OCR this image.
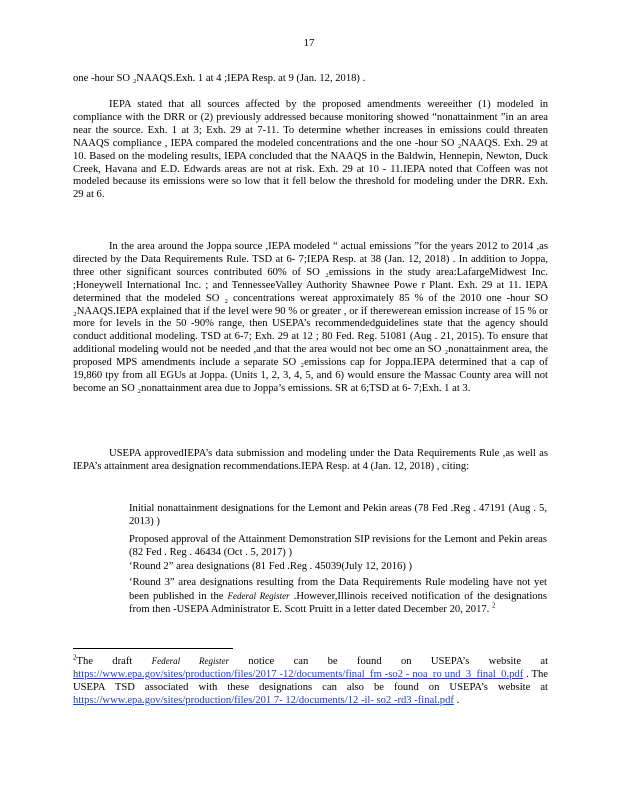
17

one -hour SO ₂NAAQS.Exh. 1 at 4 ;IEPA Resp. at 9 (Jan. 12, 2018) .

IEPA stated that all sources affected by the proposed amendments wereeither (1) modeled in compliance with the DRR or (2) previously addressed because monitoring showed “nonattainment ”in an area near the source. Exh. 1 at 3; Exh. 29 at 7-11. To determine whether increases in emissions could threaten NAAQS compliance , IEPA compared the modeled concentrations and the one -hour SO ₂NAAQS. Exh. 29 at 10. Based on the modeling results, IEPA concluded that the NAAQS in the Baldwin, Hennepin, Newton, Duck Creek, Havana and E.D. Edwards areas are not at risk. Exh. 29 at 10 - 11.IEPA noted that Coffeen was not modeled because its emissions were so low that it fell below the threshold for modeling under the DRR. Exh. 29 at 6.

In the area around the Joppa source ,IEPA modeled “ actual emissions ”for the years 2012 to 2014 ,as directed by the Data Requirements Rule. TSD at 6- 7;IEPA Resp. at 38 (Jan. 12, 2018) . In addition to Joppa, three other significant sources contributed 60% of SO ₂emissions in the study area:LafargeMidwest Inc. ;Honeywell International Inc. ; and TennesseeValley Authority Shawnee Powe r Plant. Exh. 29 at 11. IEPA determined that the modeled SO ₂ concentrations wereat approximately 85 % of the 2010 one -hour SO ₂NAAQS.IEPA explained that if the level were 90 % or greater , or if therewerean emission increase of 15 % or more for levels in the 50 -90% range, then USEPA’s recommendedguidelines state that the agency should conduct additional modeling. TSD at 6-7; Exh. 29 at 12 ; 80 Fed. Reg. 51081 (Aug . 21, 2015). To ensure that additional modeling would not be needed ,and that the area would not bec ome an SO ₂nonattainment area, the proposed MPS amendments include a separate SO ₂emissions cap for Joppa.IEPA determined that a cap of 19,860 tpy from all EGUs at Joppa. (Units 1, 2, 3, 4, 5, and 6) would ensure the Massac County area will not become an SO ₂nonattainment area due to Joppa’s emissions. SR at 6;TSD at 6- 7;Exh. 1 at 3.

USEPA approvedIEPA’s data submission and modeling under the Data Requirements Rule ,as well as IEPA’s attainment area designation recommendations.IEPA Resp. at 4 (Jan. 12, 2018) , citing:

Initial nonattainment designations for the Lemont and Pekin areas (78 Fed .Reg . 47191 (Aug . 5, 2013) )
Proposed approval of the Attainment Demonstration SIP revisions for the Lemont and Pekin areas (82 Fed . Reg . 46434 (Oct . 5, 2017) )
‘Round 2” area designations (81 Fed .Reg . 45039(July 12, 2016) )
‘Round 3” area designations resulting from the Data Requirements Rule modeling have not yet been published in the Federal Register .However,Illinois received notification of the designations from then -USEPA Administrator E. Scott Pruitt in a letter dated December 20, 2017. $^2$
$^2$The draft Federal Register notice can be found on USEPA’s website at https://www.epa.gov/sites/production/files/2017 -12/documents/final_fm -so2 - noa_ro und_3_final_0.pdf . The USEPA TSD associated with these designations can also be found on USEPA’s website at https://www.epa.gov/sites/production/files/201 7- 12/documents/12 -il- so2 -rd3 -final.pdf .
